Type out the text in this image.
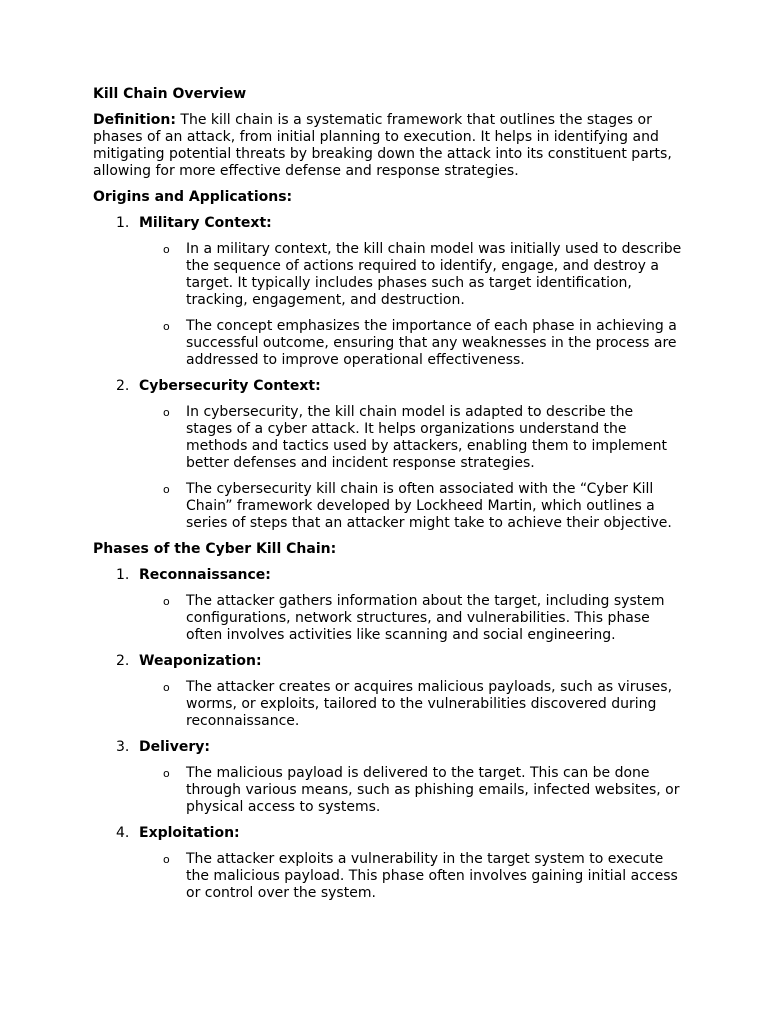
Kill Chain Overview
Definition: The kill chain is a systematic framework that outlines the stages or phases of an attack, from initial planning to execution. It helps in identifying and mitigating potential threats by breaking down the attack into its constituent parts, allowing for more effective defense and response strategies.
Origins and Applications:
1. Military Context:
o In a military context, the kill chain model was initially used to describe the sequence of actions required to identify, engage, and destroy a target. It typically includes phases such as target identification, tracking, engagement, and destruction.
o The concept emphasizes the importance of each phase in achieving a successful outcome, ensuring that any weaknesses in the process are addressed to improve operational effectiveness.
2. Cybersecurity Context:
o In cybersecurity, the kill chain model is adapted to describe the stages of a cyber attack. It helps organizations understand the methods and tactics used by attackers, enabling them to implement better defenses and incident response strategies.
o The cybersecurity kill chain is often associated with the “Cyber Kill Chain” framework developed by Lockheed Martin, which outlines a series of steps that an attacker might take to achieve their objective.
Phases of the Cyber Kill Chain:
1. Reconnaissance:
o The attacker gathers information about the target, including system configurations, network structures, and vulnerabilities. This phase often involves activities like scanning and social engineering.
2. Weaponization:
o The attacker creates or acquires malicious payloads, such as viruses, worms, or exploits, tailored to the vulnerabilities discovered during reconnaissance.
3. Delivery:
o The malicious payload is delivered to the target. This can be done through various means, such as phishing emails, infected websites, or physical access to systems.
4. Exploitation:
o The attacker exploits a vulnerability in the target system to execute the malicious payload. This phase often involves gaining initial access or control over the system.
